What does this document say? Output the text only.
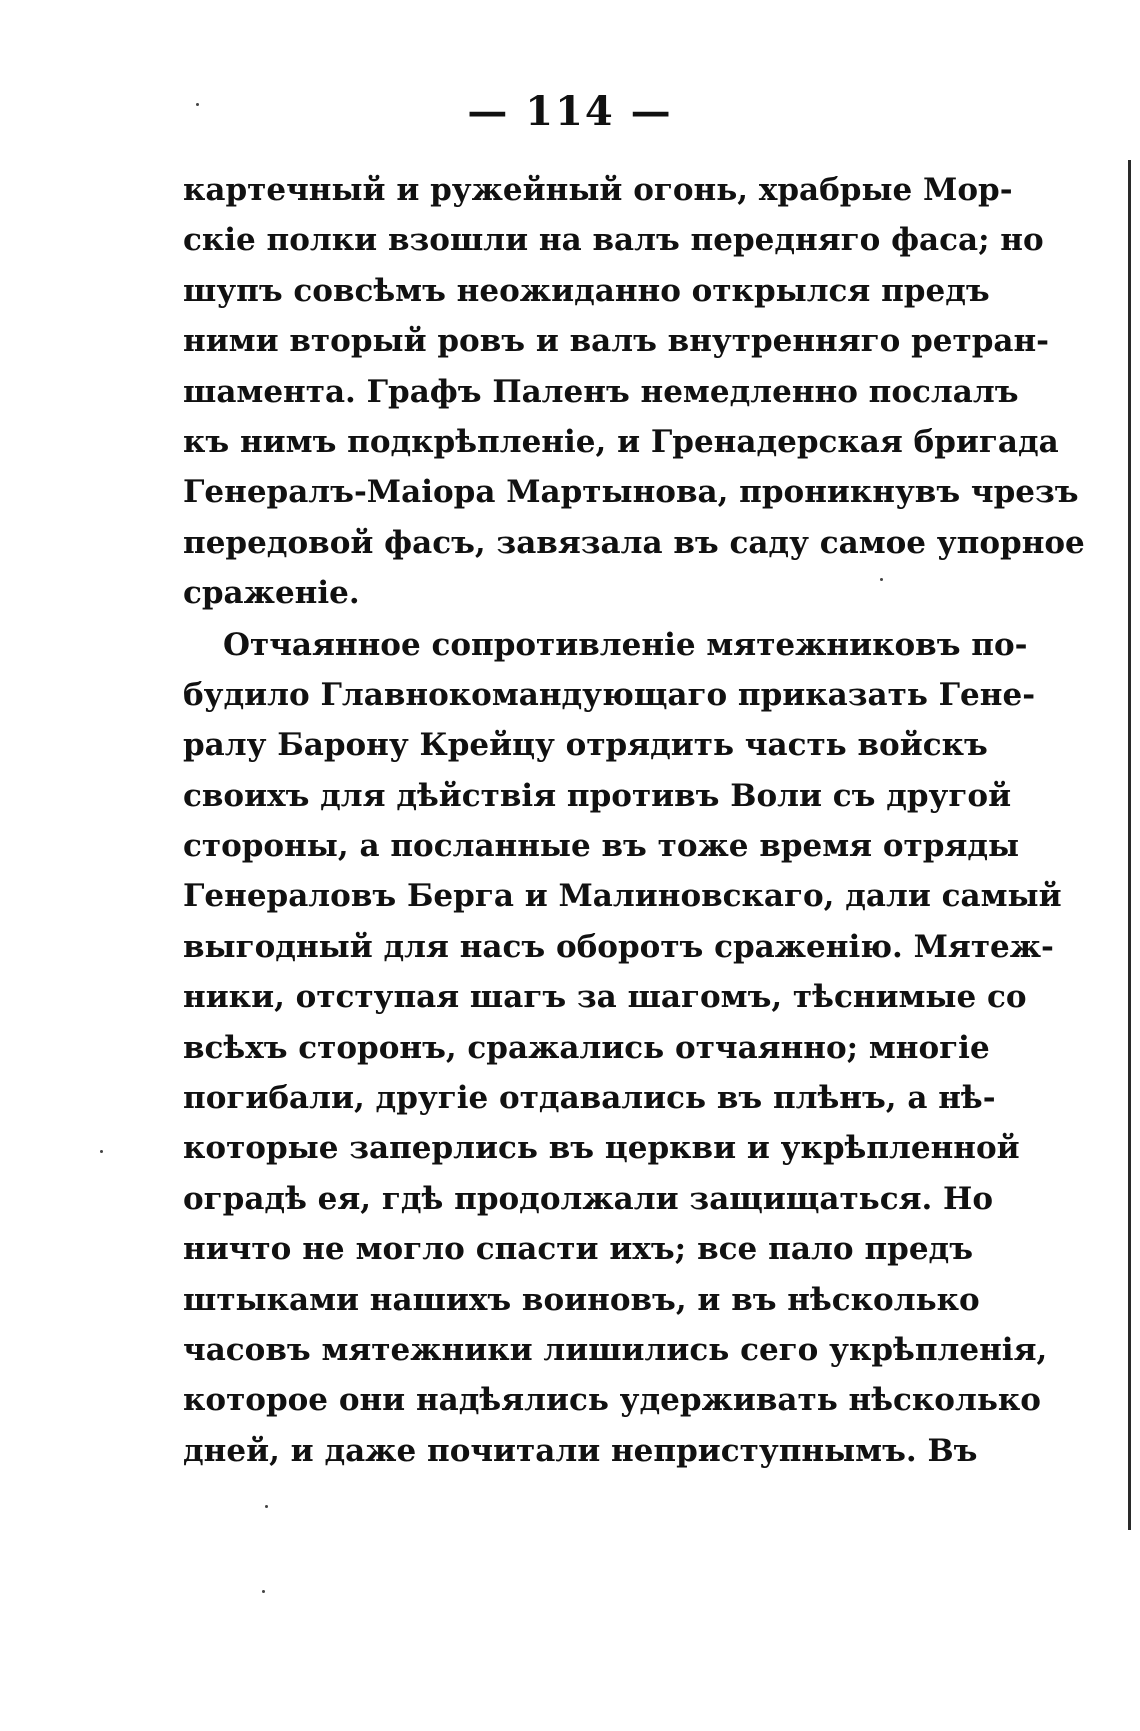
— 114 —
картечный и ружейный огонь, храбрые Мор-
скіе полки взошли на валъ передняго фаса; но
шупъ совсѣмъ неожиданно открылся предъ
ними вторый ровъ и валъ внутренняго ретран-
шамента. Графъ Паленъ немедленно послалъ
къ нимъ подкрѣпленіе, и Гренадерская бригада
Генералъ-Маіора Мартынова, проникнувъ чрезъ
передовой фасъ, завязала въ саду самое упорное
сраженіе.
Отчаянное сопротивленіе мятежниковъ по-
будило Главнокомандующаго приказать Гене-
ралу Барону Крейцу отрядить часть войскъ
своихъ для дѣйствія противъ Воли съ другой
стороны, а посланные въ тоже время отряды
Генераловъ Берга и Малиновскаго, дали самый
выгодный для насъ оборотъ сраженію. Мятеж-
ники, отступая шагъ за шагомъ, тѣснимые со
всѣхъ сторонъ, сражались отчаянно; многіе
погибали, другіе отдавались въ плѣнъ, а нѣ-
которые заперлись въ церкви и укрѣпленной
оградѣ ея, гдѣ продолжали защищаться. Но
ничто не могло спасти ихъ; все пало предъ
штыками нашихъ воиновъ, и въ нѣсколько
часовъ мятежники лишились сего укрѣпленія,
которое они надѣялись удерживать нѣсколько
дней, и даже почитали неприступнымъ. Въ
